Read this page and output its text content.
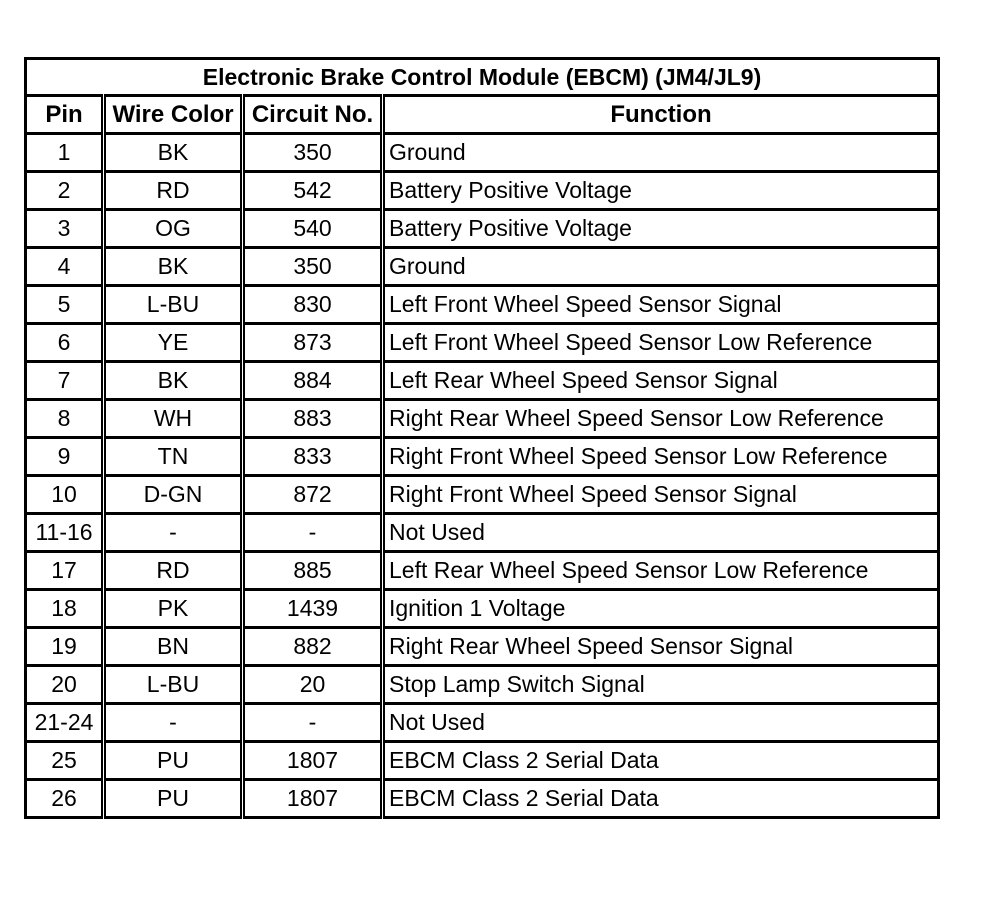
Electronic Brake Control Module (EBCM) (JM4/JL9)			
Pin	Wire Color	Circuit No.	Function
1	BK	350	Ground
2	RD	542	Battery Positive Voltage
3	OG	540	Battery Positive Voltage
4	BK	350	Ground
5	L-BU	830	Left Front Wheel Speed Sensor Signal
6	YE	873	Left Front Wheel Speed Sensor Low Reference
7	BK	884	Left Rear Wheel Speed Sensor Signal
8	WH	883	Right Rear Wheel Speed Sensor Low Reference
9	TN	833	Right Front Wheel Speed Sensor Low Reference
10	D-GN	872	Right Front Wheel Speed Sensor Signal
11-16	-	-	Not Used
17	RD	885	Left Rear Wheel Speed Sensor Low Reference
18	PK	1439	Ignition 1 Voltage
19	BN	882	Right Rear Wheel Speed Sensor Signal
20	L-BU	20	Stop Lamp Switch Signal
21-24	-	-	Not Used
25	PU	1807	EBCM Class 2 Serial Data
26	PU	1807	EBCM Class 2 Serial Data
